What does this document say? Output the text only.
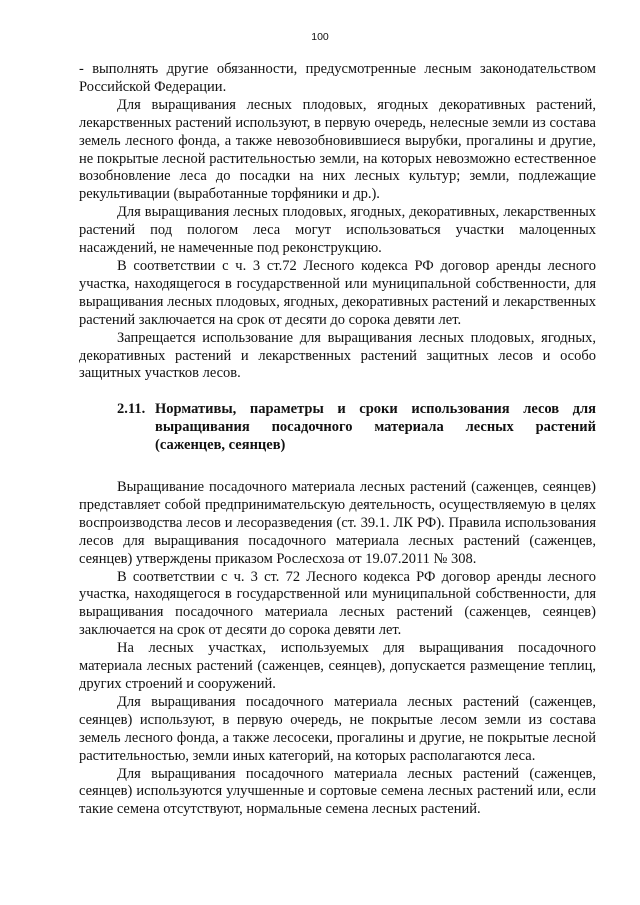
100

- выполнять другие обязанности, предусмотренные лесным законодательством Российской Федерации.

Для выращивания лесных плодовых, ягодных декоративных растений, лекарственных растений используют, в первую очередь, нелесные земли из состава земель лесного фонда, а также невозобновившиеся вырубки, прогалины и другие, не покрытые лесной растительностью земли, на которых невозможно естественное возобновление леса до посадки на них лесных культур; земли, подлежащие рекультивации (выработанные торфяники и др.).

Для выращивания лесных плодовых, ягодных, декоративных, лекарственных растений под пологом леса могут использоваться участки малоценных насаждений, не намеченные под реконструкцию.

В соответствии с ч. 3 ст.72 Лесного кодекса РФ договор аренды лесного участка, находящегося в государственной или муниципальной собственности, для выращивания лесных плодовых, ягодных, декоративных растений и лекарственных растений заключается на срок от десяти до сорока девяти лет.

Запрещается использование для выращивания лесных плодовых, ягодных, декоративных растений и лекарственных растений защитных лесов и особо защитных участков лесов.

2.11. Нормативы, параметры и сроки использования лесов для выращивания посадочного материала лесных растений (саженцев, сеянцев)

Выращивание посадочного материала лесных растений (саженцев, сеянцев) представляет собой предпринимательскую деятельность, осуществляемую в целях воспроизводства лесов и лесоразведения (ст. 39.1. ЛК РФ). Правила использования лесов для выращивания посадочного материала лесных растений (саженцев, сеянцев) утверждены приказом Рослесхоза от 19.07.2011 № 308.

В соответствии с ч. 3 ст. 72 Лесного кодекса РФ договор аренды лесного участка, находящегося в государственной или муниципальной собственности, для выращивания посадочного материала лесных растений (саженцев, сеянцев) заключается на срок от десяти до сорока девяти лет.

На лесных участках, используемых для выращивания посадочного материала лесных растений (саженцев, сеянцев), допускается размещение теплиц, других строений и сооружений.

Для выращивания посадочного материала лесных растений (саженцев, сеянцев) используют, в первую очередь, не покрытые лесом земли из состава земель лесного фонда, а также лесосеки, прогалины и другие, не покрытые лесной растительностью, земли иных категорий, на которых располагаются леса.

Для выращивания посадочного материала лесных растений (саженцев, сеянцев) используются улучшенные и сортовые семена лесных растений или, если такие семена отсутствуют, нормальные семена лесных растений.
